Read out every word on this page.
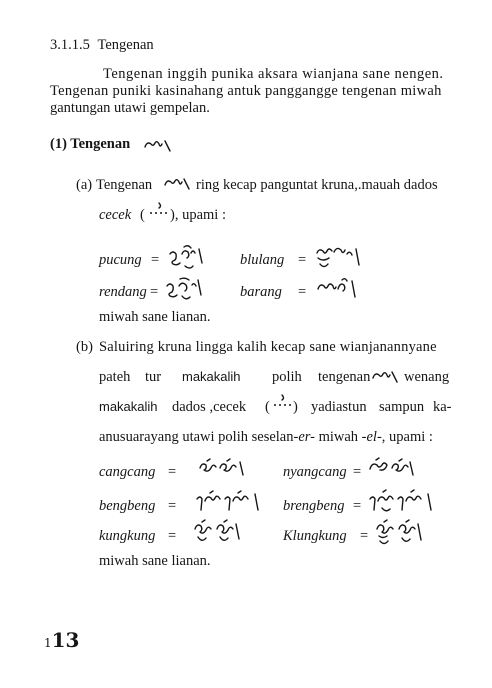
3.1.1.5 Tengenan
Tengenan inggih punika aksara wianjana sane nengen.
Tengenan puniki kasinahang antuk panggangge tengenan miwah
gantungan utawi gempelan.
(1) Tengenan
(a) Tengenan	ring kecap panguntat kruna,.mauah dados
cecek ( ), upami :
pucung =	blulang =
rendang =	barang =
miwah sane lianan.
(b) Saluiring kruna lingga kalih kecap sane wianjanannyane
pateh tur makakalih polih tengenan wenang
makakalih dados ,cecek ( ) yadiastun sampun ka-
anusuarayang utawi polih seselan-er- miwah -el-, upami :
cangcang =	nyangcang =
bengbeng =	brengbeng =
kungkung =	Klungkung =
miwah sane lianan.
113
